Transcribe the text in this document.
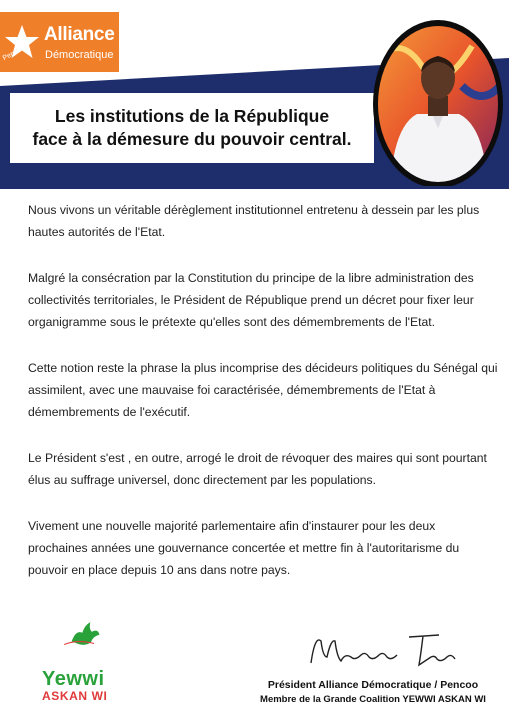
Pencoo
Alliance
Démocratique
Les institutions de la République
face à la démesure du pouvoir central.

Nous vivons un véritable dérèglement institutionnel entretenu à dessein par les plus hautes autorités de l'Etat.

Malgré la consécration par la Constitution du principe de la libre administration des collectivités territoriales, le Président de République prend un décret pour fixer leur organigramme sous le prétexte qu'elles sont des démembrements de l'Etat.

Cette notion reste la phrase la plus incomprise des décideurs politiques du Sénégal qui assimilent, avec une mauvaise foi caractérisée, démembrements de l'Etat à démembrements de l'exécutif.

Le Président s'est , en outre, arrogé le droit de révoquer des maires qui sont pourtant élus au suffrage universel, donc directement par les populations.

Vivement une nouvelle majorité parlementaire afin d'instaurer pour les deux prochaines années une gouvernance concertée et mettre fin à l'autoritarisme du pouvoir en place depuis 10 ans dans notre pays.

Yewwi
ASKAN WI
Président Alliance Démocratique / Pencoo
Membre de la Grande Coalition YEWWI ASKAN WI
